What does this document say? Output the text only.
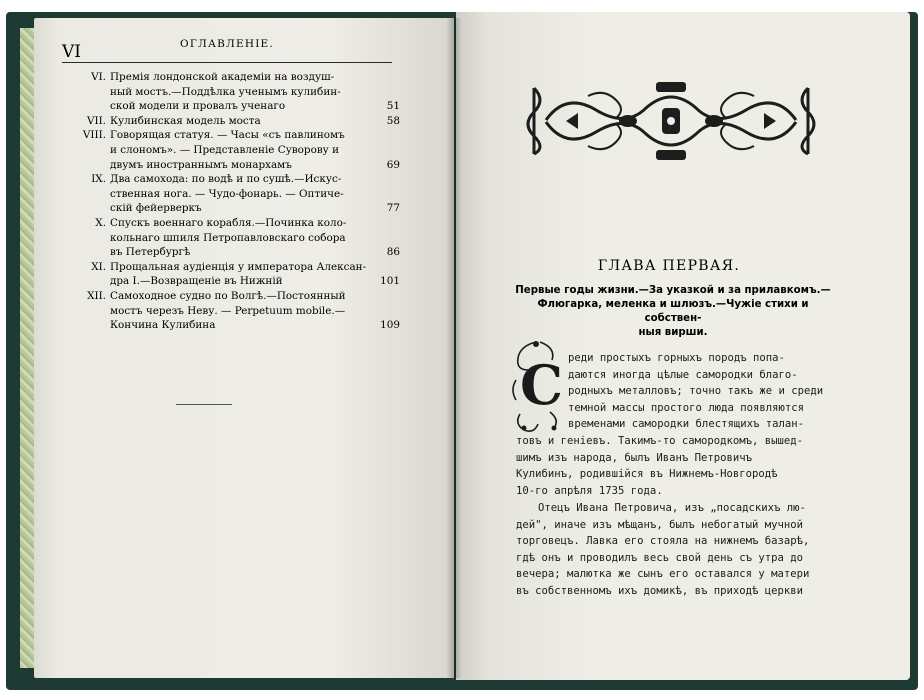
VI	ОГЛАВЛЕНІЕ.
VI. Премія лондонской академіи на воздуш-
ный мостъ.—Поддѣлка ученымъ кулибин-
ской модели и провалъ ученаго	51
VII. Кулибинская модель моста	58
VIII. Говорящая статуя. — Часы «съ павлиномъ
и слономъ». — Представленіе Суворову и
двумъ иностраннымъ монархамъ	69
IX. Два самохода: по водѣ и по сушѣ.—Искус-
ственная нога. — Чудо-фонарь. — Оптиче-
скій фейерверкъ	77
X. Спускъ военнаго корабля.—Починка коло-
кольнаго шпиля Петропавловскаго собора
въ Петербургѣ	86
XI. Прощальная аудіенція у императора Алексан-
дра I.—Возвращеніе въ Нижній	101
XII. Самоходное судно по Волгѣ.—Постоянный
мостъ черезъ Неву. — Perpetuum mobile.—
Кончина Кулибина	109
ГЛАВА ПЕРВАЯ.
Первые годы жизни.—За указкой и за прилавкомъ.—
Флюгарка, меленка и шлюзъ.—Чужіе стихи и собствен-
ныя вирши.
С реди простыхъ горныхъ породъ попа-
даются иногда цѣлые самородки благо-
родныхъ металловъ; точно такъ же и среди
темной массы простого люда появляются
временами самородки блестящихъ талан-
товъ и геніевъ. Такимъ-то самородкомъ, вышед-
шимъ изъ народа, былъ Иванъ Петровичъ
Кулибинъ, родившійся въ Нижнемъ-Новгородѣ
10-го апрѣля 1735 года.
Отецъ Ивана Петровича, изъ „посадскихъ лю-
дей", иначе изъ мѣщанъ, былъ небогатый мучной
торговецъ. Лавка его стояла на нижнемъ базарѣ,
гдѣ онъ и проводилъ весь свой день съ утра до
вечера; малютка же сынъ его оставался у матери
въ собственномъ ихъ домикѣ, въ приходѣ церкви
